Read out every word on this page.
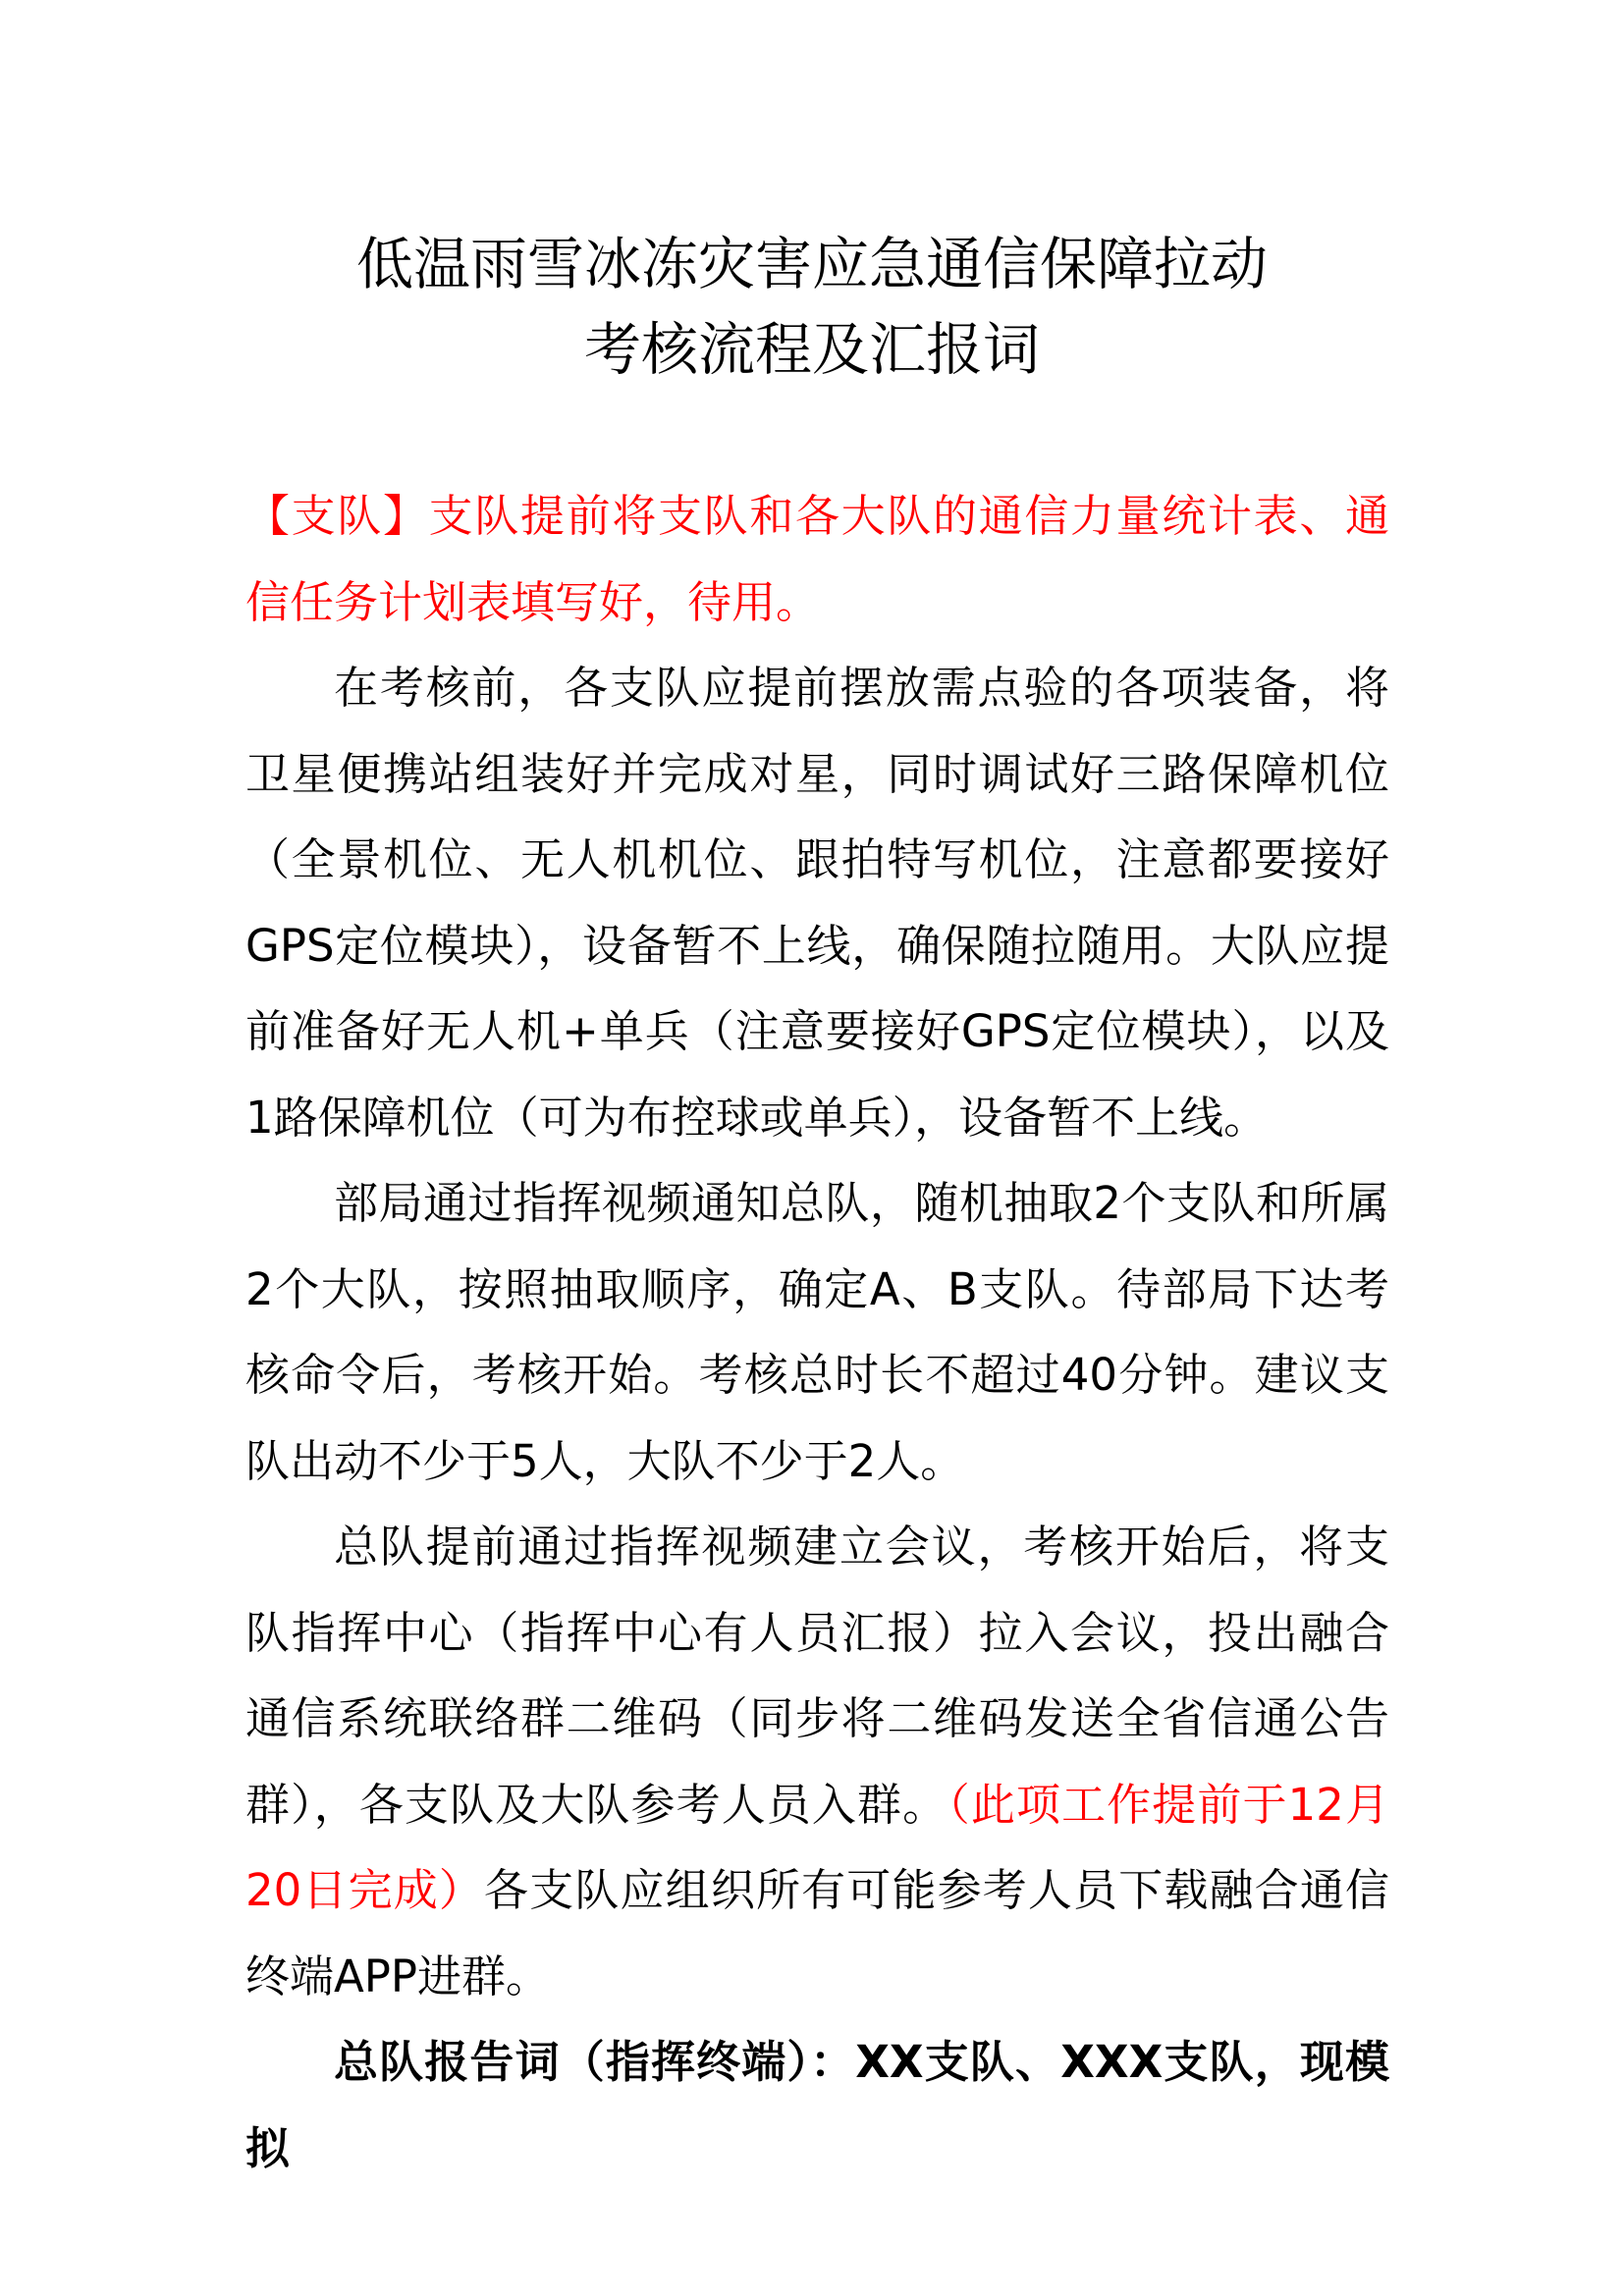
低温雨雪冰冻灾害应急通信保障拉动
考核流程及汇报词

【支队】支队提前将支队和各大队的通信力量统计表、通信任务计划表填写好，待用。

在考核前，各支队应提前摆放需点验的各项装备，将卫星便携站组装好并完成对星，同时调试好三路保障机位（全景机位、无人机机位、跟拍特写机位，注意都要接好GPS定位模块），设备暂不上线，确保随拉随用。大队应提前准备好无人机+单兵（注意要接好GPS定位模块），以及1路保障机位（可为布控球或单兵），设备暂不上线。

部局通过指挥视频通知总队，随机抽取2个支队和所属2个大队，按照抽取顺序，确定A、B支队。待部局下达考核命令后，考核开始。考核总时长不超过40分钟。建议支队出动不少于5人，大队不少于2人。

总队提前通过指挥视频建立会议，考核开始后，将支队指挥中心（指挥中心有人员汇报）拉入会议，投出融合通信系统联络群二维码（同步将二维码发送全省信通公告群），各支队及大队参考人员入群。（此项工作提前于12月20日完成）各支队应组织所有可能参考人员下载融合通信终端APP进群。

总队报告词（指挥终端）：XX支队、XXX支队，现模拟
